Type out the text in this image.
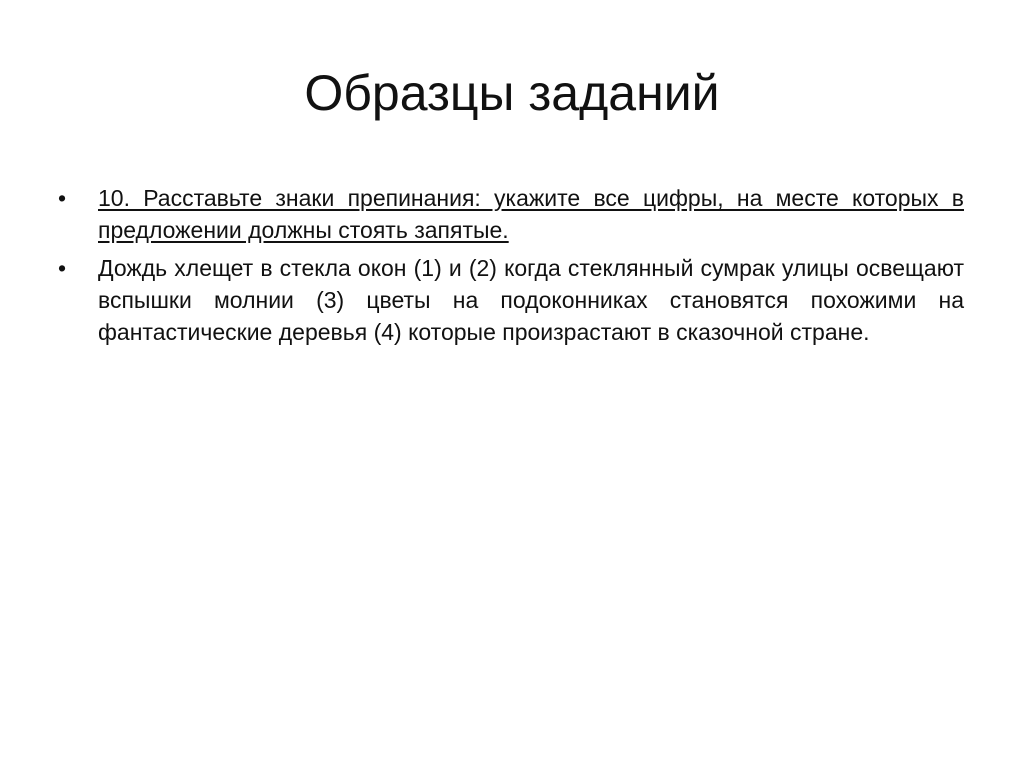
Образцы заданий
• 10. Расставьте знаки препинания: укажите все цифры, на месте которых в предложении должны стоять запятые.
• Дождь хлещет в стекла окон (1) и (2) когда стеклянный сумрак улицы освещают вспышки молнии (3) цветы на подоконниках становятся похожими на фантастические деревья (4) которые произрастают в сказочной стране.
